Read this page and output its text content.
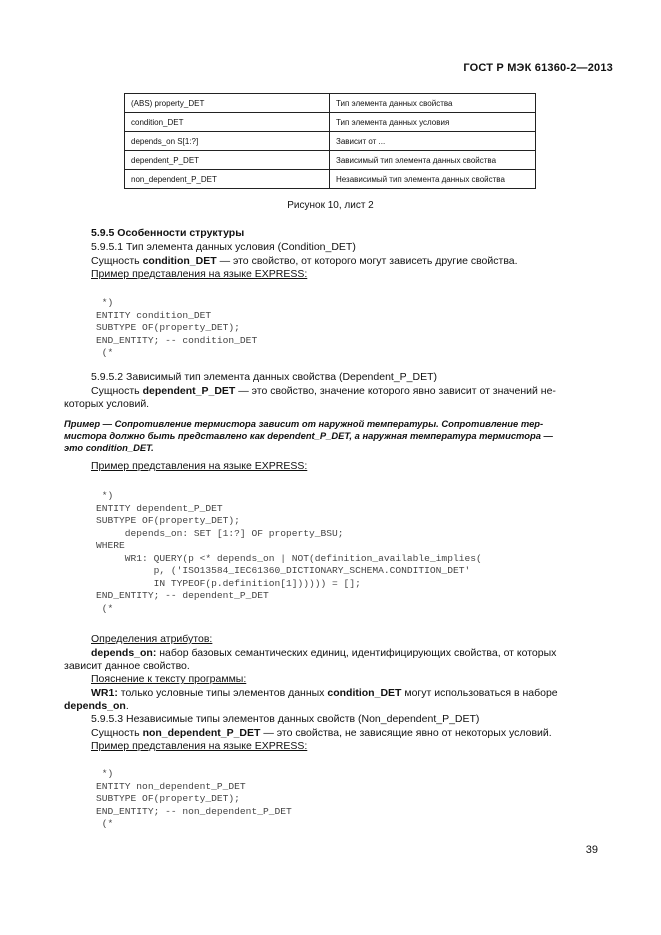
ГОСТ Р МЭК 61360-2—2013
(ABS) property_DET	Тип элемента данных свойства
condition_DET	Тип элемента данных условия
depends_on S[1:?]	Зависит от ...
dependent_P_DET	Зависимый тип элемента данных свойства
non_dependent_P_DET	Независимый тип элемента данных свойства
Рисунок 10, лист 2
5.9.5 Особенности структуры
5.9.5.1 Тип элемента данных условия (Condition_DET)
Сущность condition_DET — это свойство, от которого могут зависеть другие свойства.
Пример представления на языке EXPRESS:
*)
ENTITY condition_DET
SUBTYPE OF(property_DET);
END_ENTITY; -- condition_DET
(*
5.9.5.2 Зависимый тип элемента данных свойства (Dependent_P_DET)
Сущность dependent_P_DET — это свойство, значение которого явно зависит от значений не-
которых условий.
Пример — Сопротивление термистора зависит от наружной температуры. Сопротивление тер-
мистора должно быть представлено как dependent_P_DET, а наружная температура термистора —
это condition_DET.
Пример представления на языке EXPRESS:
*)
ENTITY dependent_P_DET
SUBTYPE OF(property_DET);
depends_on: SET [1:?] OF property_BSU;
WHERE
WR1: QUERY(p <* depends_on | NOT(definition_available_implies(
p, ('ISO13584_IEC61360_DICTIONARY_SCHEMA.CONDITION_DET'
IN TYPEOF(p.definition[1]))))) = [];
END_ENTITY; -- dependent_P_DET
(*
Определения атрибутов:
depends_on: набор базовых семантических единиц, идентифицирующих свойства, от которых
зависит данное свойство.
Пояснение к тексту программы:
WR1: только условные типы элементов данных condition_DET могут использоваться в наборе
depends_on.
5.9.5.3 Независимые типы элементов данных свойств (Non_dependent_P_DET)
Сущность non_dependent_P_DET — это свойства, не зависящие явно от некоторых условий.
Пример представления на языке EXPRESS:
*)
ENTITY non_dependent_P_DET
SUBTYPE OF(property_DET);
END_ENTITY; -- non_dependent_P_DET
(*
39
